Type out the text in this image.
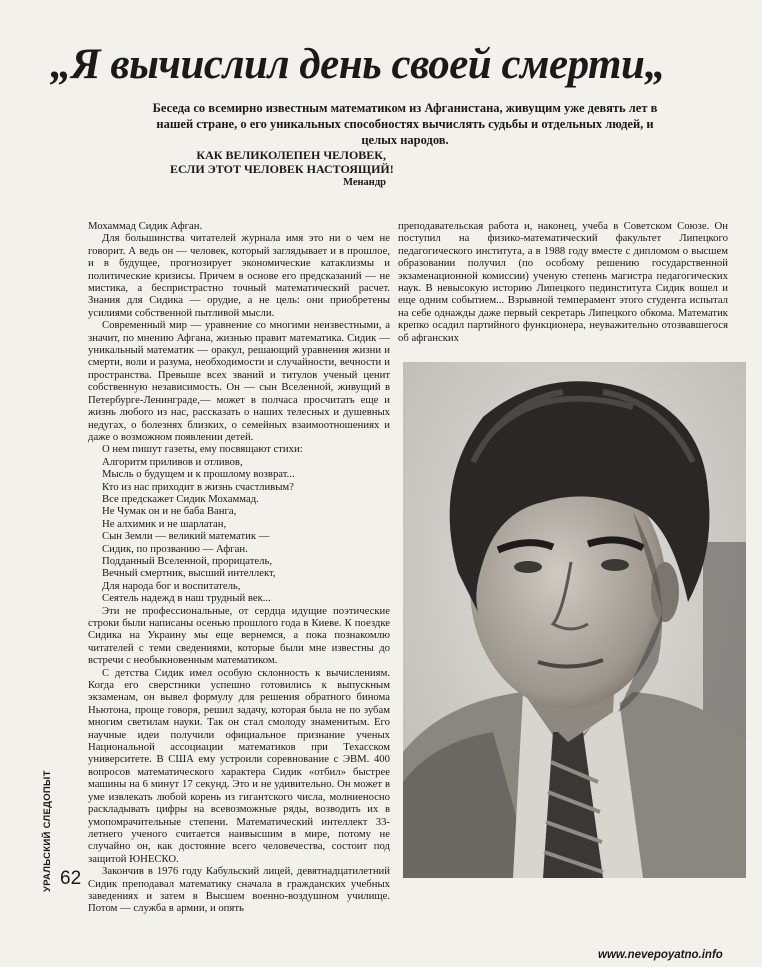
„Я вычислил день своей смерти„
Беседа со всемирно известным математиком из Афганистана, живущим уже девять лет в нашей стране, о его уникальных способностях вычислять судьбы и отдельных людей, и целых народов.
КАК ВЕЛИКОЛЕПЕН ЧЕЛОВЕК,
ЕСЛИ ЭТОТ ЧЕЛОВЕК НАСТОЯЩИЙ!
Менандр

Мохаммад Сидик Афган.

Для большинства читателей журнала имя это ни о чем не говорит. А ведь он — человек, который заглядывает и в прошлое, и в будущее, прогнозирует экономические катаклизмы и политические кризисы. Причем в основе его предсказаний — не мистика, а беспристрастно точный математический расчет. Знания для Сидика — орудие, а не цель: они приобретены усилиями собственной пытливой мысли.

Современный мир — уравнение со многими неизвестными, а значит, по мнению Афгана, жизнью правит математика. Сидик — уникальный математик — оракул, решающий уравнения жизни и смерти, воли и разума, необходимости и случайности, вечности и пространства. Превыше всех званий и титулов ученый ценит собственную независимость. Он — сын Вселенной, живущий в Петербурге-Ленинграде,— может в полчаса просчитать еще и жизнь любого из нас, рассказать о наших телесных и душевных недугах, о болезнях близких, о семейных взаимоотношениях и даже о возможном появлении детей.

О нем пишут газеты, ему посвящают стихи:

Алгоритм приливов и отливов,
Мысль о будущем и к прошлому возврат...
Кто из нас приходит в жизнь счастливым?
Все предскажет Сидик Мохаммад.
Не Чумак он и не баба Ванга,
Не алхимик и не шарлатан,
Сын Земли — великий математик —
Сидик, по прозванию — Афган.
Подданный Вселенной, прорицатель,
Вечный смертник, высший интеллект,
Для народа бог и воспитатель,
Сеятель надежд в наш трудный век...

Эти не профессиональные, от сердца идущие поэтические строки были написаны осенью прошлого года в Киеве. К поездке Сидика на Украину мы еще вернемся, а пока познакомлю читателей с теми сведениями, которые были мне известны до встречи с необыкновенным математиком.

С детства Сидик имел особую склонность к вычислениям. Когда его сверстники успешно готовились к выпускным экзаменам, он вывел формулу для решения обратного бинома Ньютона, проще говоря, решил задачу, которая была не по зубам многим светилам науки. Так он стал смолоду знаменитым. Его научные идеи получили официальное признание ученых Национальной ассоциации математиков при Техасском университете. В США ему устроили соревнование с ЭВМ. 400 вопросов математического характера Сидик «отбил» быстрее машины на 6 минут 17 секунд. Это и не удивительно. Он может в уме извлекать любой корень из гигантского числа, молниеносно раскладывать цифры на всевозможные ряды, возводить их в умопомрачительные степени. Математический интеллект 33-летнего ученого считается наивысшим в мире, потому не случайно он, как достояние всего человечества, состоит под защитой ЮНЕСКО.

Закончив в 1976 году Кабульский лицей, девятнадцатилетний Сидик преподавал математику сначала в гражданских учебных заведениях и затем в Высшем военно-воздушном училище. Потом — служба в армии, и опять

преподавательская работа и, наконец, учеба в Советском Союзе. Он поступил на физико-математический факультет Липецкого педагогического института, а в 1988 году вместе с дипломом о высшем образовании получил (по особому решению государственной экзаменационной комиссии) ученую степень магистра педагогических наук. В невысокую историю Липецкого пединститута Сидик вошел и еще одним событием... Взрывной темперамент этого студента испытал на себе однажды даже первый секретарь Липецкого обкома. Математик крепко осадил партийного функционера, неуважительно отозвавшегося об афганских

УРАЛЬСКИЙ СЛЕДОПЫТ 62
www.nevероyatno.info
